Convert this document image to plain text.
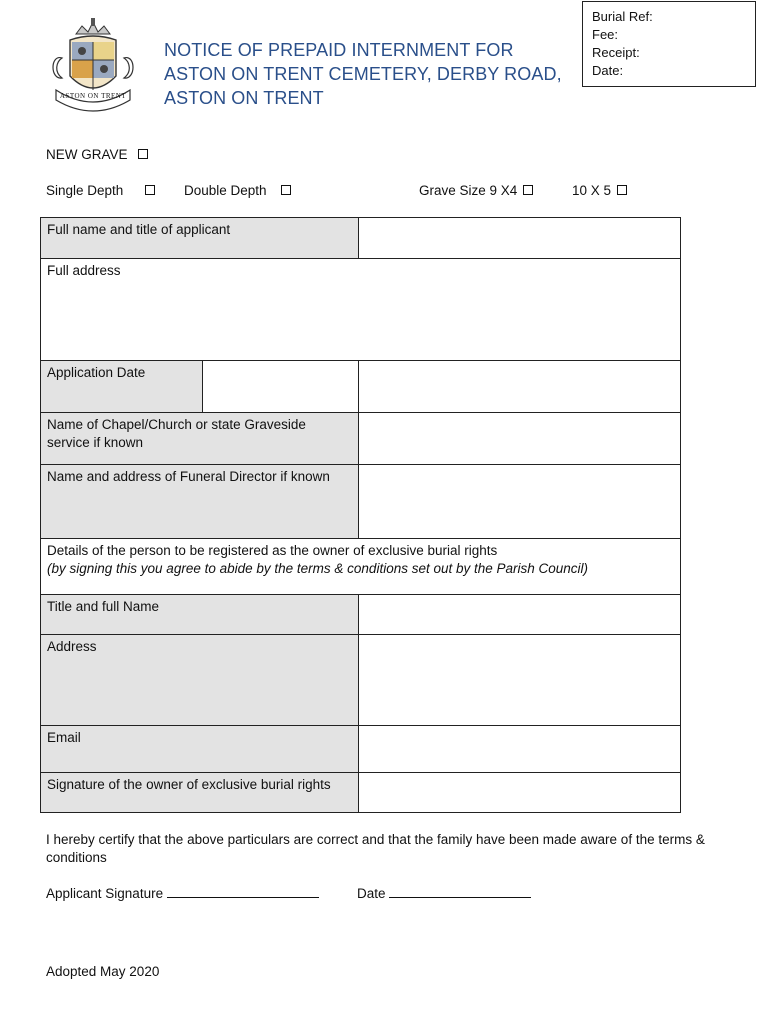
ASTON ON TRENT
NOTICE OF PREPAID INTERNMENT FOR ASTON ON TRENT CEMETERY, DERBY ROAD, ASTON ON TRENT
Burial Ref:
Fee:
Receipt:
Date:
NEW GRAVE
Single Depth	Double Depth	Grave Size 9 X4	10 X 5
Full name and title of applicant		
Full address		
Application Date		
Name of Chapel/Church or state Graveside service if known		
Name and address of Funeral Director if known		

Details of the person to be registered as the owner of exclusive burial rights
(by signing this you agree to abide by the terms & conditions set out by the Parish Council)		

Title and full Name		
Address		
Email		
Signature of the owner of exclusive burial rights		
I hereby certify that the above particulars are correct and that the family have been made aware of the terms & conditions
Applicant Signature	Date
Adopted May 2020
